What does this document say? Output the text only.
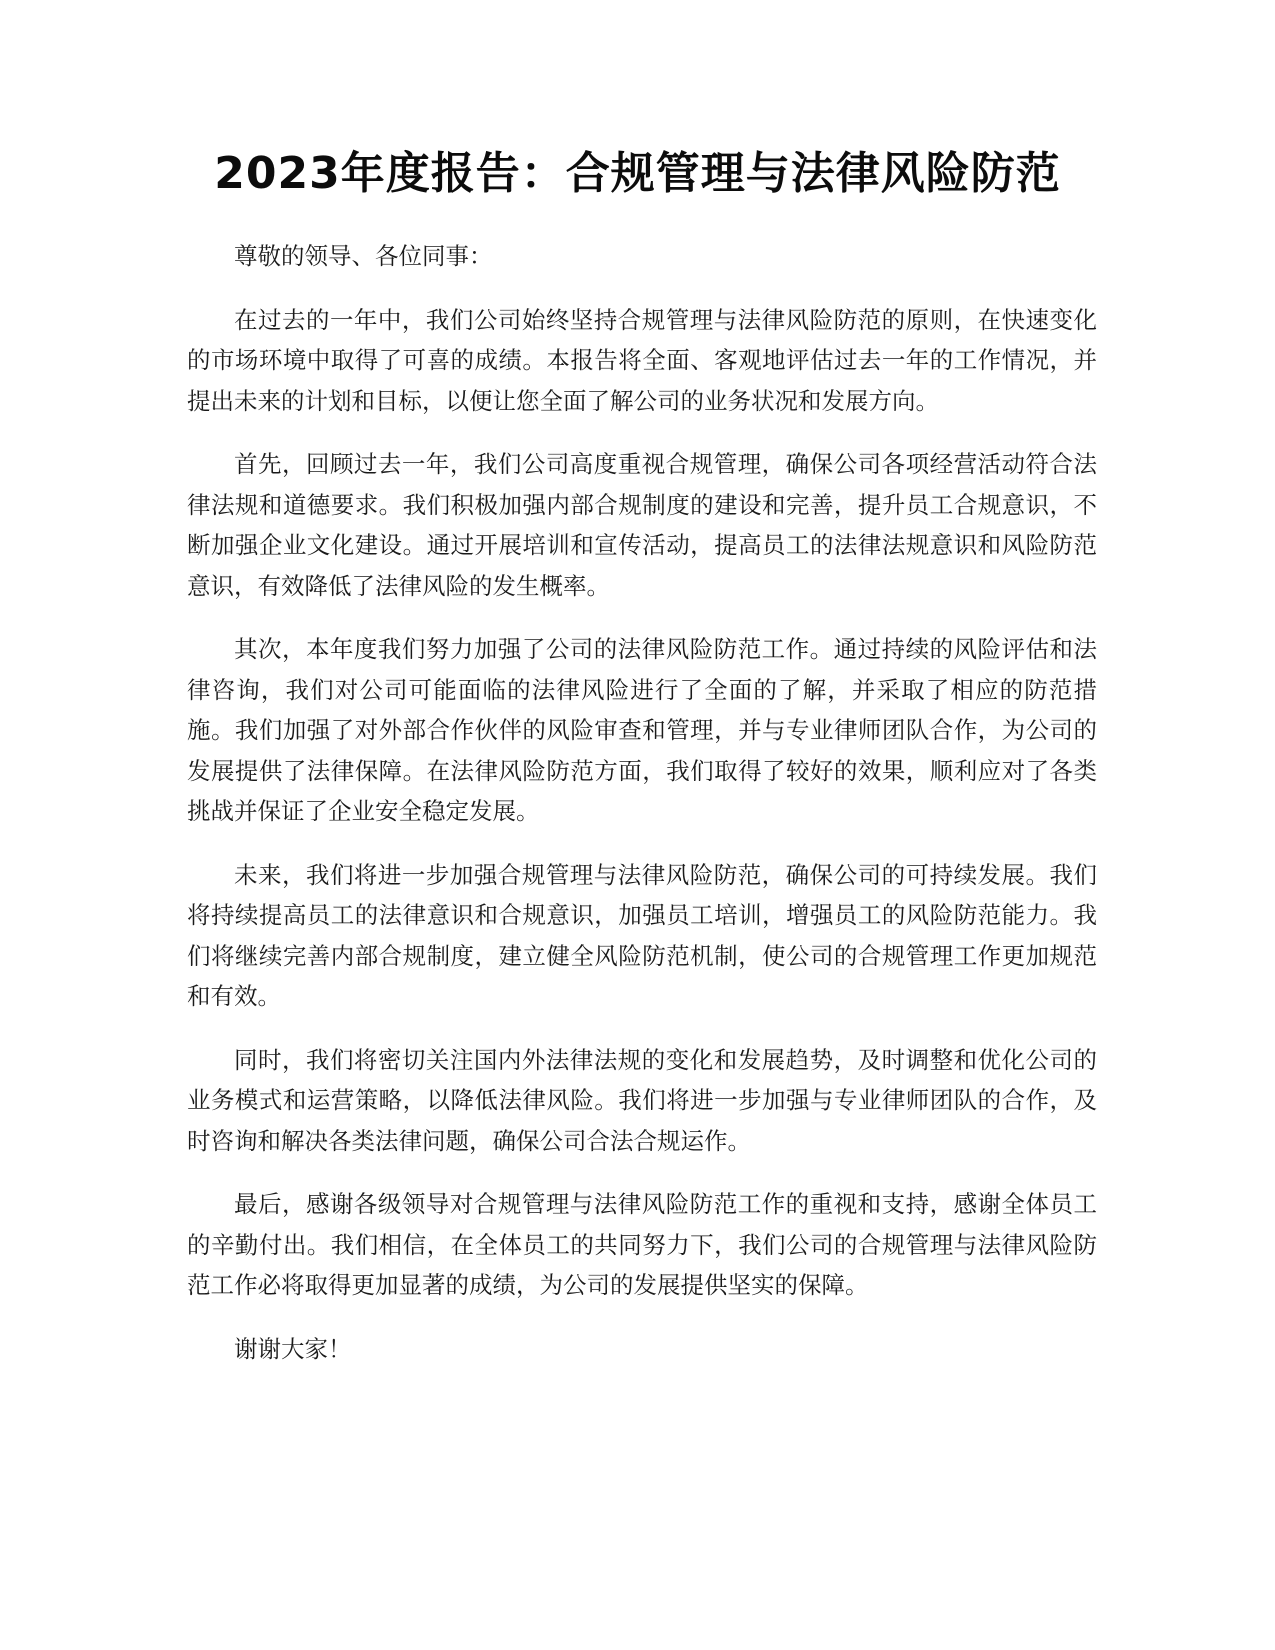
2023年度报告：合规管理与法律风险防范

尊敬的领导、各位同事：

在过去的一年中，我们公司始终坚持合规管理与法律风险防范的原则，在快速变化的市场环境中取得了可喜的成绩。本报告将全面、客观地评估过去一年的工作情况，并提出未来的计划和目标，以便让您全面了解公司的业务状况和发展方向。

首先，回顾过去一年，我们公司高度重视合规管理，确保公司各项经营活动符合法律法规和道德要求。我们积极加强内部合规制度的建设和完善，提升员工合规意识，不断加强企业文化建设。通过开展培训和宣传活动，提高员工的法律法规意识和风险防范意识，有效降低了法律风险的发生概率。

其次，本年度我们努力加强了公司的法律风险防范工作。通过持续的风险评估和法律咨询，我们对公司可能面临的法律风险进行了全面的了解，并采取了相应的防范措施。我们加强了对外部合作伙伴的风险审查和管理，并与专业律师团队合作，为公司的发展提供了法律保障。在法律风险防范方面，我们取得了较好的效果，顺利应对了各类挑战并保证了企业安全稳定发展。

未来，我们将进一步加强合规管理与法律风险防范，确保公司的可持续发展。我们将持续提高员工的法律意识和合规意识，加强员工培训，增强员工的风险防范能力。我们将继续完善内部合规制度，建立健全风险防范机制，使公司的合规管理工作更加规范和有效。

同时，我们将密切关注国内外法律法规的变化和发展趋势，及时调整和优化公司的业务模式和运营策略，以降低法律风险。我们将进一步加强与专业律师团队的合作，及时咨询和解决各类法律问题，确保公司合法合规运作。

最后，感谢各级领导对合规管理与法律风险防范工作的重视和支持，感谢全体员工的辛勤付出。我们相信，在全体员工的共同努力下，我们公司的合规管理与法律风险防范工作必将取得更加显著的成绩，为公司的发展提供坚实的保障。

谢谢大家！
